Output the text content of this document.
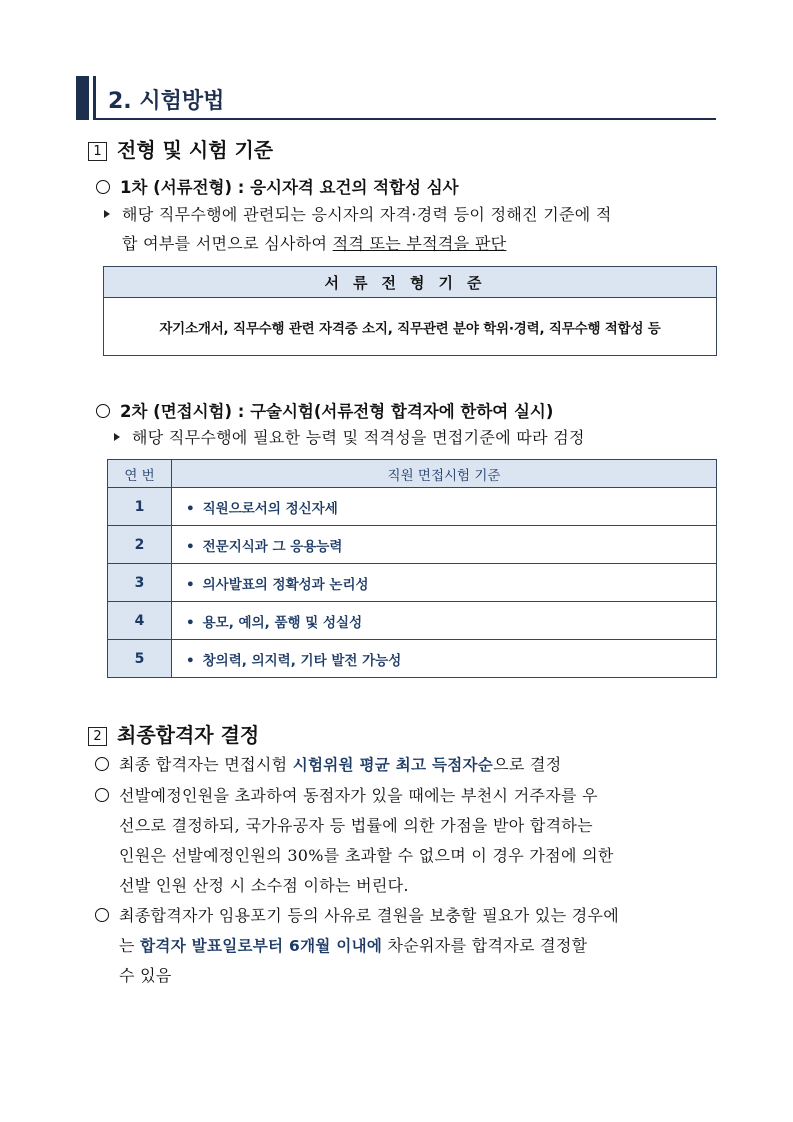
2. 시험방법
1 전형 및 시험 기준
1차 (서류전형) : 응시자격 요건의 적합성 심사
해당 직무수행에 관련되는 응시자의 자격·경력 등이 정해진 기준에 적
합 여부를 서면으로 심사하여 적격 또는 부적격을 판단
서류전형기준
자기소개서, 직무수행 관련 자격증 소지, 직무관련 분야 학위·경력, 직무수행 적합성 등
2차 (면접시험) : 구술시험(서류전형 합격자에 한하여 실시)
해당 직무수행에 필요한 능력 및 적격성을 면접기준에 따라 검정
연 번	직원 면접시험 기준
1	• 직원으로서의 정신자세
2	• 전문지식과 그 응용능력
3	• 의사발표의 정확성과 논리성
4	• 용모, 예의, 품행 및 성실성
5	• 창의력, 의지력, 기타 발전 가능성
2 최종합격자 결정
최종 합격자는 면접시험 시험위원 평균 최고 득점자순으로 결정
선발예정인원을 초과하여 동점자가 있을 때에는 부천시 거주자를 우
선으로 결정하되, 국가유공자 등 법률에 의한 가점을 받아 합격하는
인원은 선발예정인원의 30%를 초과할 수 없으며 이 경우 가점에 의한
선발 인원 산정 시 소수점 이하는 버린다.
최종합격자가 임용포기 등의 사유로 결원을 보충할 필요가 있는 경우에
는 합격자 발표일로부터 6개월 이내에 차순위자를 합격자로 결정할
수 있음
